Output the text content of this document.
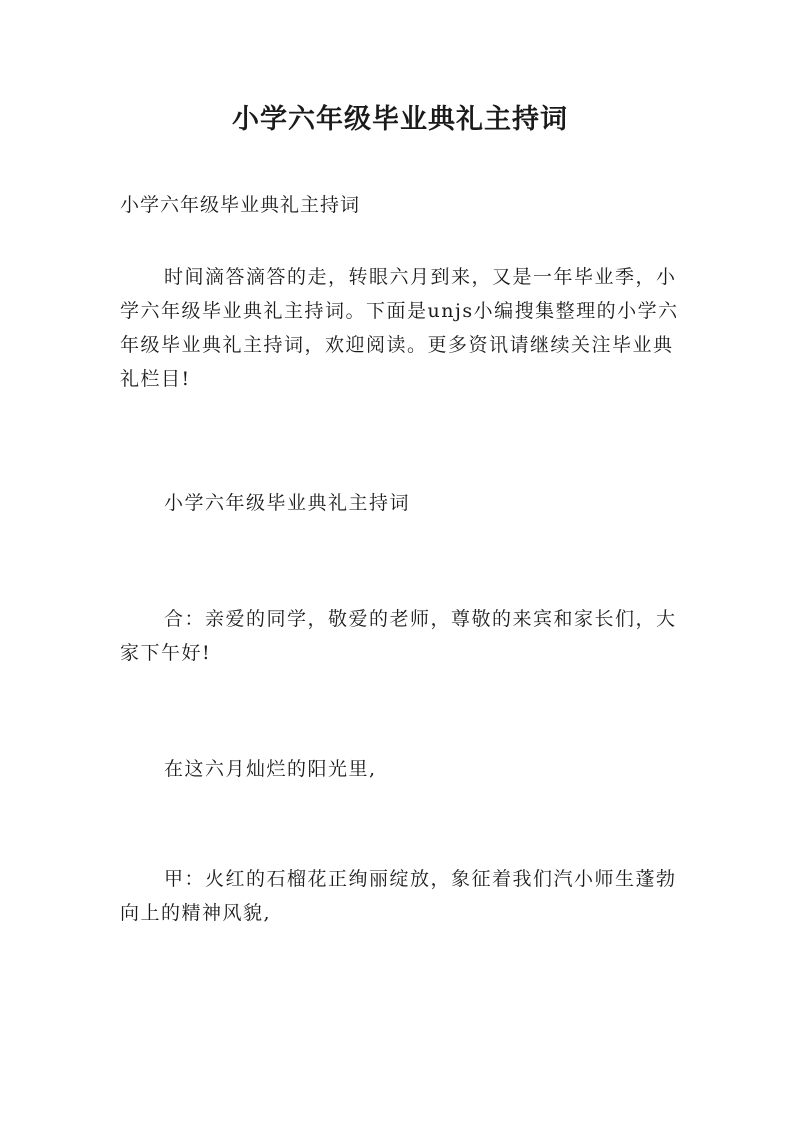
小学六年级毕业典礼主持词
小学六年级毕业典礼主持词

时间滴答滴答的走，转眼六月到来，又是一年毕业季，小学六年级毕业典礼主持词。下面是unjs小编搜集整理的小学六年级毕业典礼主持词，欢迎阅读。更多资讯请继续关注毕业典礼栏目!

小学六年级毕业典礼主持词

合：亲爱的同学，敬爱的老师，尊敬的来宾和家长们，大家下午好!

在这六月灿烂的阳光里,

甲：火红的石榴花正绚丽绽放，象征着我们汽小师生蓬勃向上的精神风貌,
